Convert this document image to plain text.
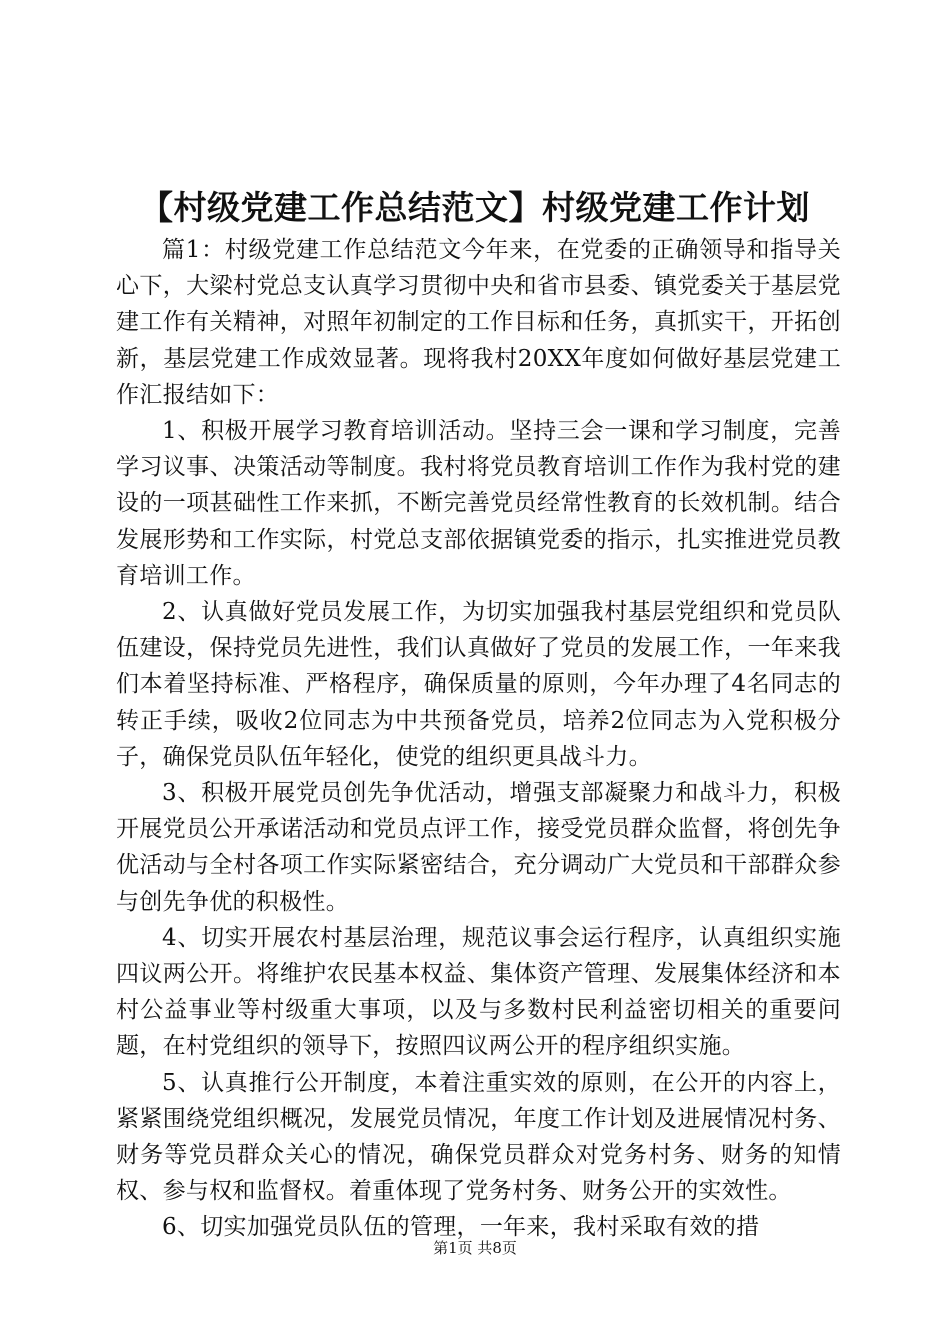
【村级党建工作总结范文】村级党建工作计划

篇1：村级党建工作总结范文今年来，在党委的正确领导和指导关心下，大梁村党总支认真学习贯彻中央和省市县委、镇党委关于基层党建工作有关精神，对照年初制定的工作目标和任务，真抓实干，开拓创新，基层党建工作成效显著。现将我村20XX年度如何做好基层党建工作汇报结如下：

1、积极开展学习教育培训活动。坚持三会一课和学习制度，完善学习议事、决策活动等制度。我村将党员教育培训工作作为我村党的建设的一项甚础性工作来抓，不断完善党员经常性教育的长效机制。结合发展形势和工作实际，村党总支部依据镇党委的指示，扎实推进党员教育培训工作。

2、认真做好党员发展工作，为切实加强我村基层党组织和党员队伍建设，保持党员先进性，我们认真做好了党员的发展工作，一年来我们本着坚持标准、严格程序，确保质量的原则，今年办理了4名同志的转正手续，吸收2位同志为中共预备党员，培养2位同志为入党积极分子，确保党员队伍年轻化，使党的组织更具战斗力。

3、积极开展党员创先争优活动，增强支部凝聚力和战斗力，积极开展党员公开承诺活动和党员点评工作，接受党员群众监督，将创先争优活动与全村各项工作实际紧密结合，充分调动广大党员和干部群众参与创先争优的积极性。

4、切实开展农村基层治理，规范议事会运行程序，认真组织实施四议两公开。将维护农民基本权益、集体资产管理、发展集体经济和本村公益事业等村级重大事项，以及与多数村民利益密切相关的重要问题，在村党组织的领导下，按照四议两公开的程序组织实施。

5、认真推行公开制度，本着注重实效的原则，在公开的内容上，紧紧围绕党组织概况，发展党员情况，年度工作计划及进展情况村务、财务等党员群众关心的情况，确保党员群众对党务村务、财务的知情权、参与权和监督权。着重体现了党务村务、财务公开的实效性。

6、切实加强党员队伍的管理，一年来，我村采取有效的措

第1页 共8页
